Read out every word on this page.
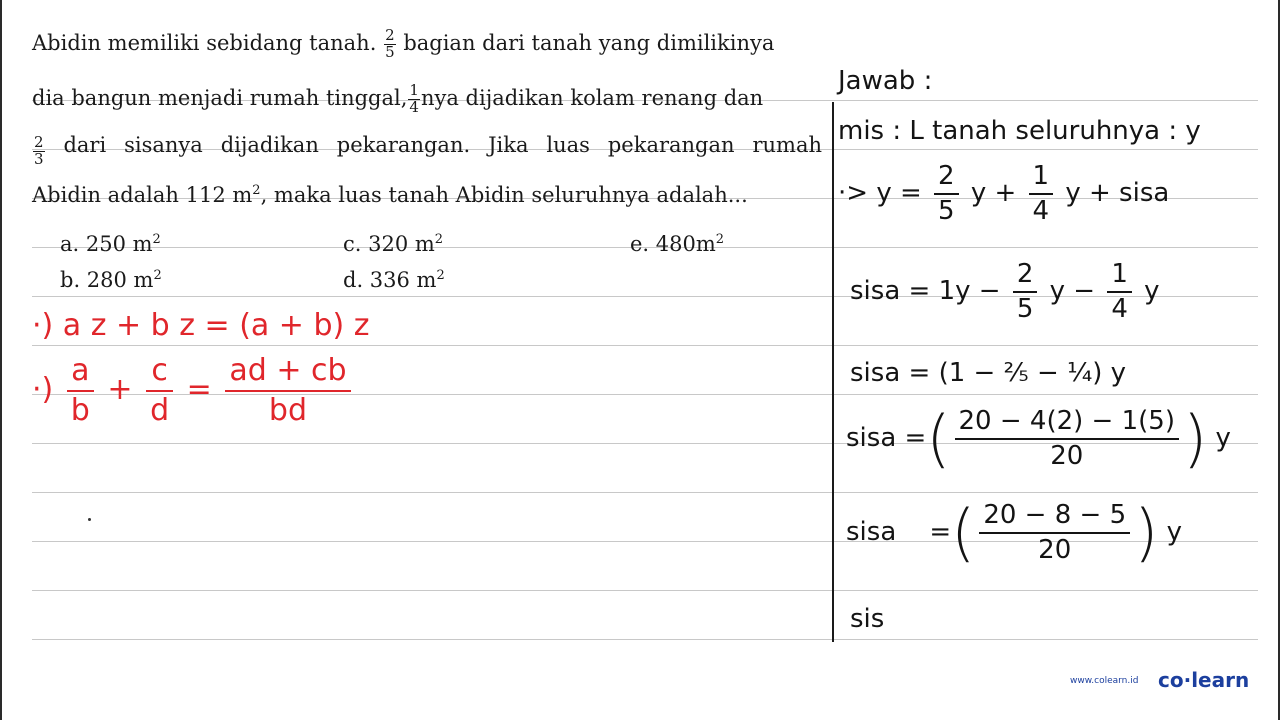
Abidin memiliki sebidang tanah. $\frac{2}{5}$ bagian dari tanah yang dimilikinya
dia bangun menjadi rumah tinggal, $\frac{1}{4}$ nya dijadikan kolam renang dan
$\frac{2}{3}$ dari sisanya dijadikan pekarangan. Jika luas pekarangan rumah
Abidin adalah 112 $m^2$, maka luas tanah Abidin seluruhnya adalah...
a. 250 $m^2$
b. 280 $m^2$
c. 320 $m^2$
d. 336 $m^2$
e. $480m^2$
·) a z + b z = (a + b) z
·) $\frac{a}{b} + \frac{c}{d} = \frac{ad + cb}{bd}$
Jawab :
mis : L tanah seluruhnya : y
·> $y = \frac{2}{5}$ $y + \frac{1}{4}$ y + sisa
sisa = $1y - \frac{2}{5}$ $y - \frac{1}{4}$ y
sisa = (1 − ²⁄₅ − ¹⁄₄) y
sisa =( $\frac{20 - 4(2) - 1(5)}{20}$ ) y
sisa =( $\frac{20 - 8 - 5}{20}$ ) y
sis
www.colearn.id co·learn
